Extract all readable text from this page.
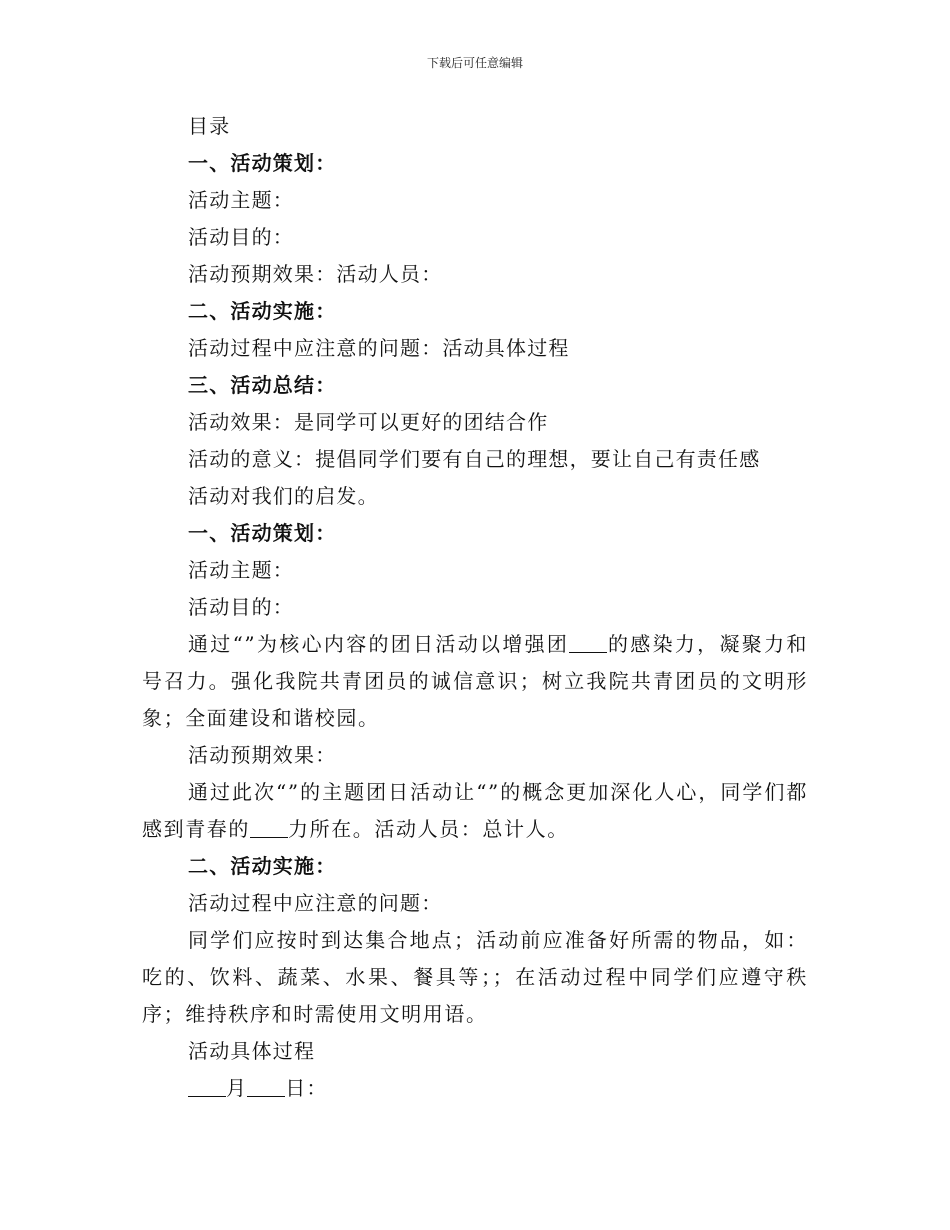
下载后可任意编辑
目录
一、活动策划：
活动主题：
活动目的：
活动预期效果：活动人员：
二、活动实施：
活动过程中应注意的问题：活动具体过程
三、活动总结：
活动效果：是同学可以更好的团结合作
活动的意义：提倡同学们要有自己的理想，要让自己有责任感
活动对我们的启发。
一、活动策划：
活动主题：
活动目的：
通过“”为核心内容的团日活动以增强团 的感染力，凝聚力和号召力。强化我院共青团员的诚信意识；树立我院共青团员的文明形象；全面建设和谐校园。
活动预期效果：
通过此次“”的主题团日活动让“”的概念更加深化人心，同学们都感到青春的 力所在。活动人员：总计人。
二、活动实施：
活动过程中应注意的问题：
同学们应按时到达集合地点；活动前应准备好所需的物品，如：吃的、饮料、蔬菜、水果、餐具等；；在活动过程中同学们应遵守秩序；维持秩序和时需使用文明用语。
活动具体过程
月 日：
